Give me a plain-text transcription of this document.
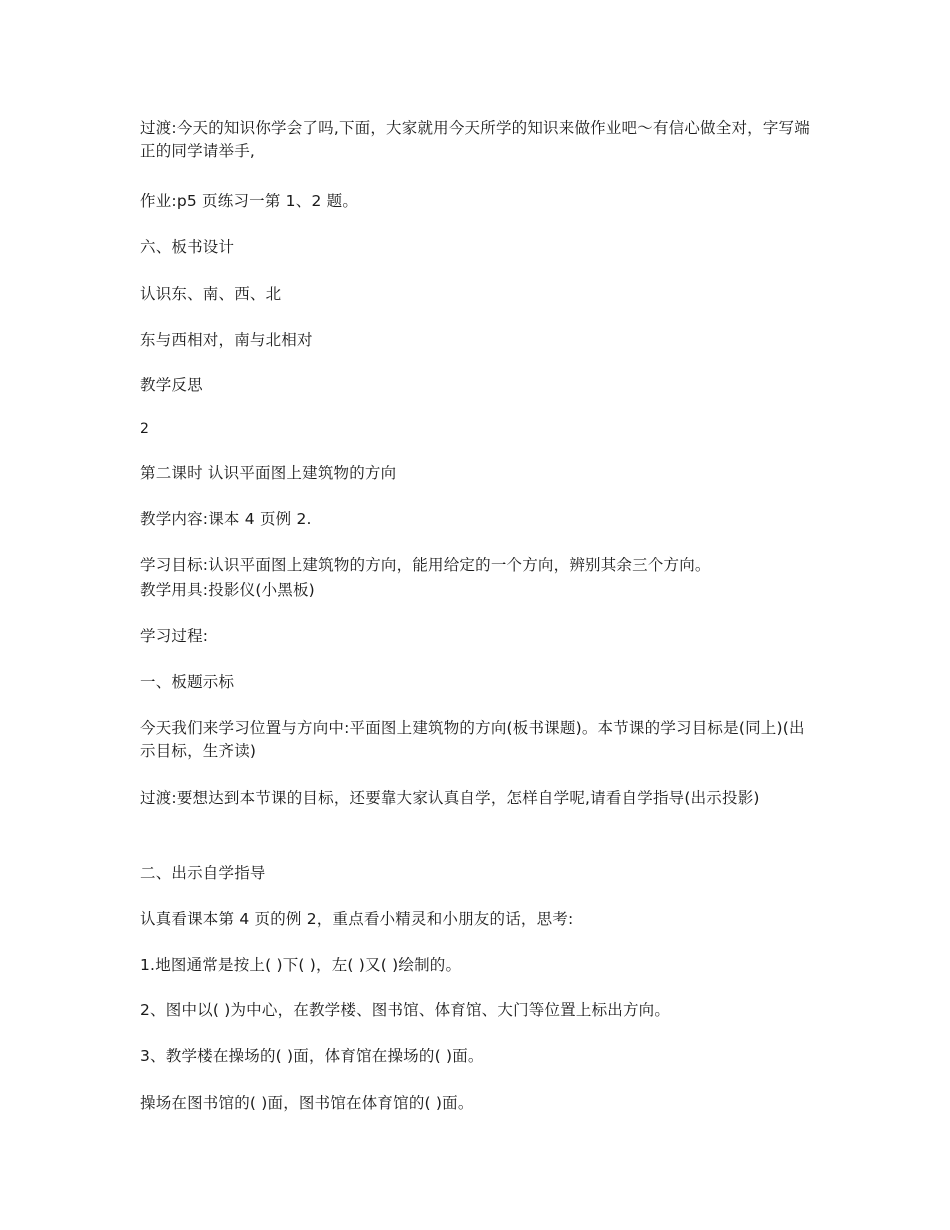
过渡:今天的知识你学会了吗,下面，大家就用今天所学的知识来做作业吧～有信心做全对，字写端正的同学请举手,

作业:p5 页练习一第 1、2 题。

六、板书设计

认识东、南、西、北

东与西相对，南与北相对

教学反思

2

第二课时 认识平面图上建筑物的方向

教学内容:课本 4 页例 2.

学习目标:认识平面图上建筑物的方向，能用给定的一个方向，辨别其余三个方向。

教学用具:投影仪(小黑板)

学习过程:

一、板题示标

今天我们来学习位置与方向中:平面图上建筑物的方向(板书课题)。本节课的学习目标是(同上)(出示目标，生齐读)

过渡:要想达到本节课的目标，还要靠大家认真自学，怎样自学呢,请看自学指导(出示投影)

二、出示自学指导

认真看课本第 4 页的例 2，重点看小精灵和小朋友的话，思考:

1.地图通常是按上( )下( )，左( )又( )绘制的。

2、图中以( )为中心，在教学楼、图书馆、体育馆、大门等位置上标出方向。

3、教学楼在操场的( )面，体育馆在操场的( )面。

操场在图书馆的( )面，图书馆在体育馆的( )面。
